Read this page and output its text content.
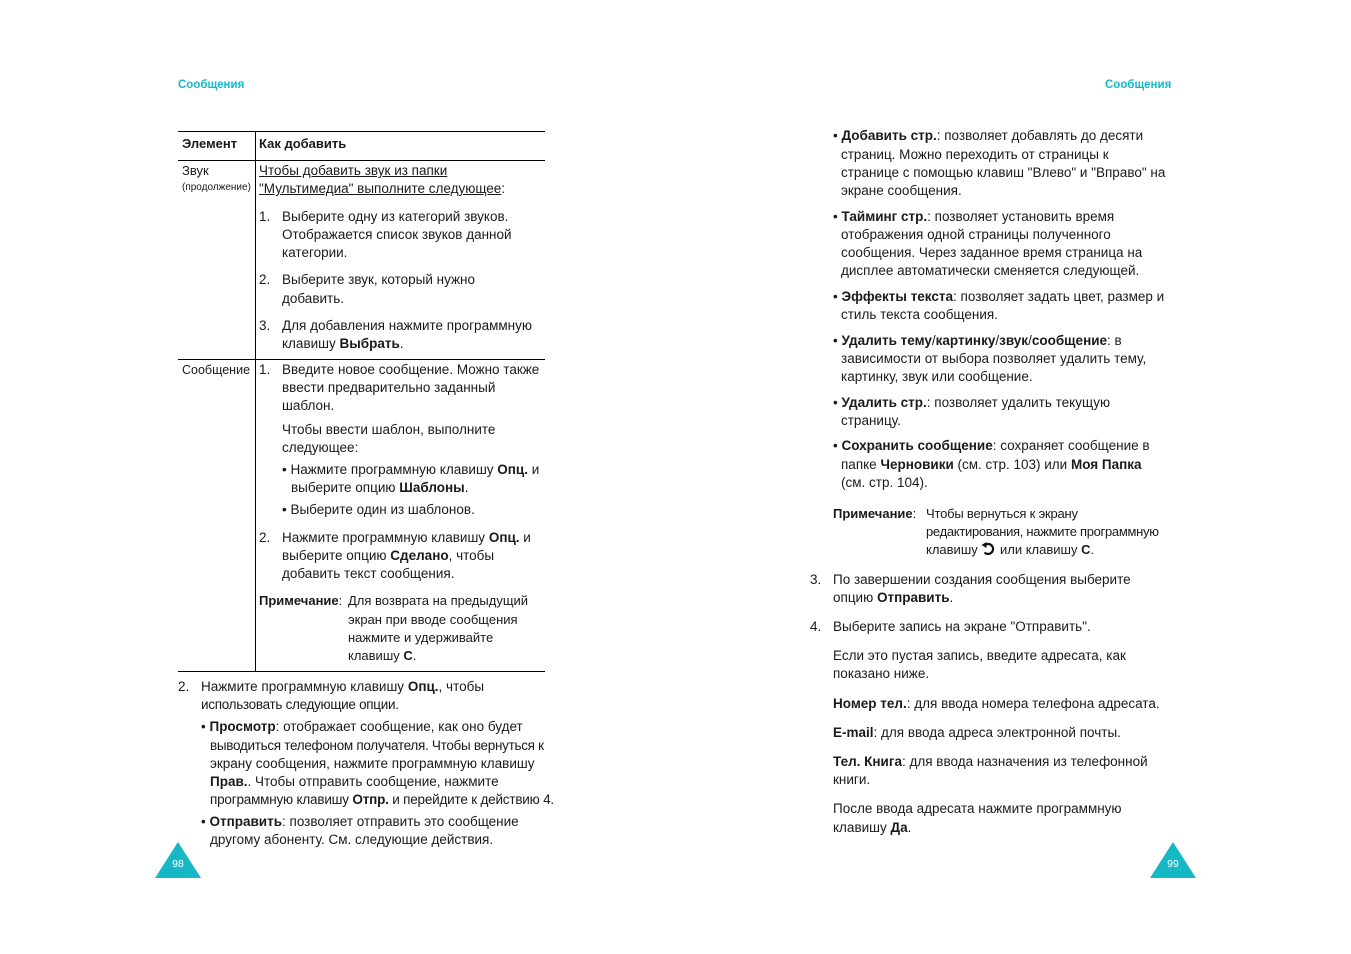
Сообщения	Сообщения
Элемент Как добавить
Звук
(продолжение)
Чтобы добавить звук из папки
"Мультимедиа" выполните следующее:
1. Выберите одну из категорий звуков.
Отображается список звуков данной
категории.
2. Выберите звук, который нужно
добавить.
3. Для добавления нажмите программную
клавишу Выбрать.
Сообщение 1. Введите новое сообщение. Можно также
ввести предварительно заданный
шаблон.
Чтобы ввести шаблон, выполните
следующее:
• Нажмите программную клавишу Опц. и
выберите опцию Шаблоны.
• Выберите один из шаблонов.
2. Нажмите программную клавишу Опц. и
выберите опцию Сделано, чтобы
добавить текст сообщения.
Примечание: Для возврата на предыдущий
экран при вводе сообщения
нажмите и удерживайте
клавишу C.
2. Нажмите программную клавишу Опц., чтобы
использовать следующие опции.
• Просмотр: отображает сообщение, как оно будет
выводиться телефоном получателя. Чтобы вернуться к
экрану сообщения, нажмите программную клавишу
Прав.. Чтобы отправить сообщение, нажмите
программную клавишу Отпр. и перейдите к действию 4.
• Отправить: позволяет отправить это сообщение
другому абоненту. См. следующие действия.
• Добавить стр.: позволяет добавлять до десяти
страниц. Можно переходить от страницы к
странице с помощью клавиш "Влево" и "Вправо" на
экране сообщения.
• Тайминг стр.: позволяет установить время
отображения одной страницы полученного
сообщения. Через заданное время страница на
дисплее автоматически сменяется следующей.
• Эффекты текста: позволяет задать цвет, размер и
стиль текста сообщения.
• Удалить тему/картинку/звук/сообщение: в
зависимости от выбора позволяет удалить тему,
картинку, звук или сообщение.
• Удалить стр.: позволяет удалить текущую
страницу.
• Сохранить сообщение: сохраняет сообщение в
папке Черновики (см. стр. 103) или Моя Папка
(см. стр. 104).
Примечание: Чтобы вернуться к экрану
редактирования, нажмите программную
клавишу  или клавишу C.
3. По завершении создания сообщения выберите
опцию Отправить.
4. Выберите запись на экране "Отправить".
Если это пустая запись, введите адресата, как
показано ниже.
Номер тел.: для ввода номера телефона адресата.
E-mail: для ввода адреса электронной почты.
Тел. Книга: для ввода назначения из телефонной
книги.
После ввода адресата нажмите программную
клавишу Да.
98	99
